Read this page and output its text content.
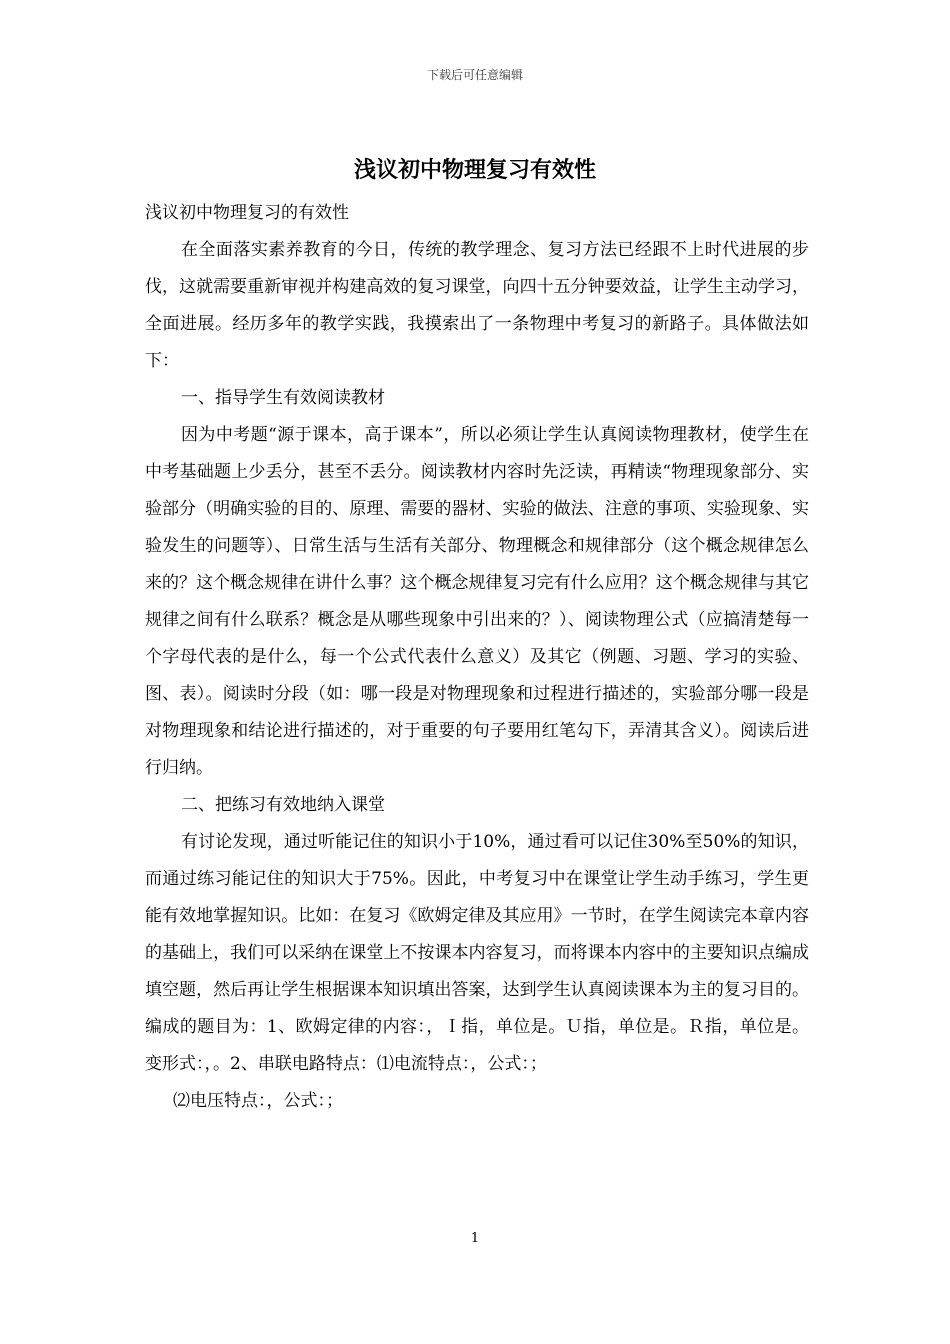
下载后可任意编辑
浅议初中物理复习有效性

浅议初中物理复习的有效性

在全面落实素养教育的今日，传统的教学理念、复习方法已经跟不上时代进展的步伐，这就需要重新审视并构建高效的复习课堂，向四十五分钟要效益，让学生主动学习，全面进展。经历多年的教学实践，我摸索出了一条物理中考复习的新路子。具体做法如下：

一、指导学生有效阅读教材

因为中考题“源于课本，高于课本”，所以必须让学生认真阅读物理教材，使学生在中考基础题上少丢分，甚至不丢分。阅读教材内容时先泛读，再精读“物理现象部分、实验部分（明确实验的目的、原理、需要的器材、实验的做法、注意的事项、实验现象、实验发生的问题等）、日常生活与生活有关部分、物理概念和规律部分（这个概念规律怎么来的？这个概念规律在讲什么事？这个概念规律复习完有什么应用？这个概念规律与其它规律之间有什么联系？概念是从哪些现象中引出来的？）、阅读物理公式（应搞清楚每一个字母代表的是什么，每一个公式代表什么意义）及其它（例题、习题、学习的实验、图、表）。阅读时分段（如：哪一段是对物理现象和过程进行描述的，实验部分哪一段是对物理现象和结论进行描述的，对于重要的句子要用红笔勾下，弄清其含义）。阅读后进行归纳。

二、把练习有效地纳入课堂

有讨论发现，通过听能记住的知识小于10%，通过看可以记住30%至50%的知识，而通过练习能记住的知识大于75%。因此，中考复习中在课堂让学生动手练习，学生更能有效地掌握知识。比如：在复习《欧姆定律及其应用》一节时，在学生阅读完本章内容的基础上，我们可以采纳在课堂上不按课本内容复习，而将课本内容中的主要知识点编成填空题，然后再让学生根据课本知识填出答案，达到学生认真阅读课本为主的复习目的。编成的题目为：1、欧姆定律的内容：，Ｉ指，单位是。Ｕ指，单位是。Ｒ指，单位是。变形式：，。2、串联电路特点：⑴电流特点：，公式：；

⑵电压特点：，公式：；

1
